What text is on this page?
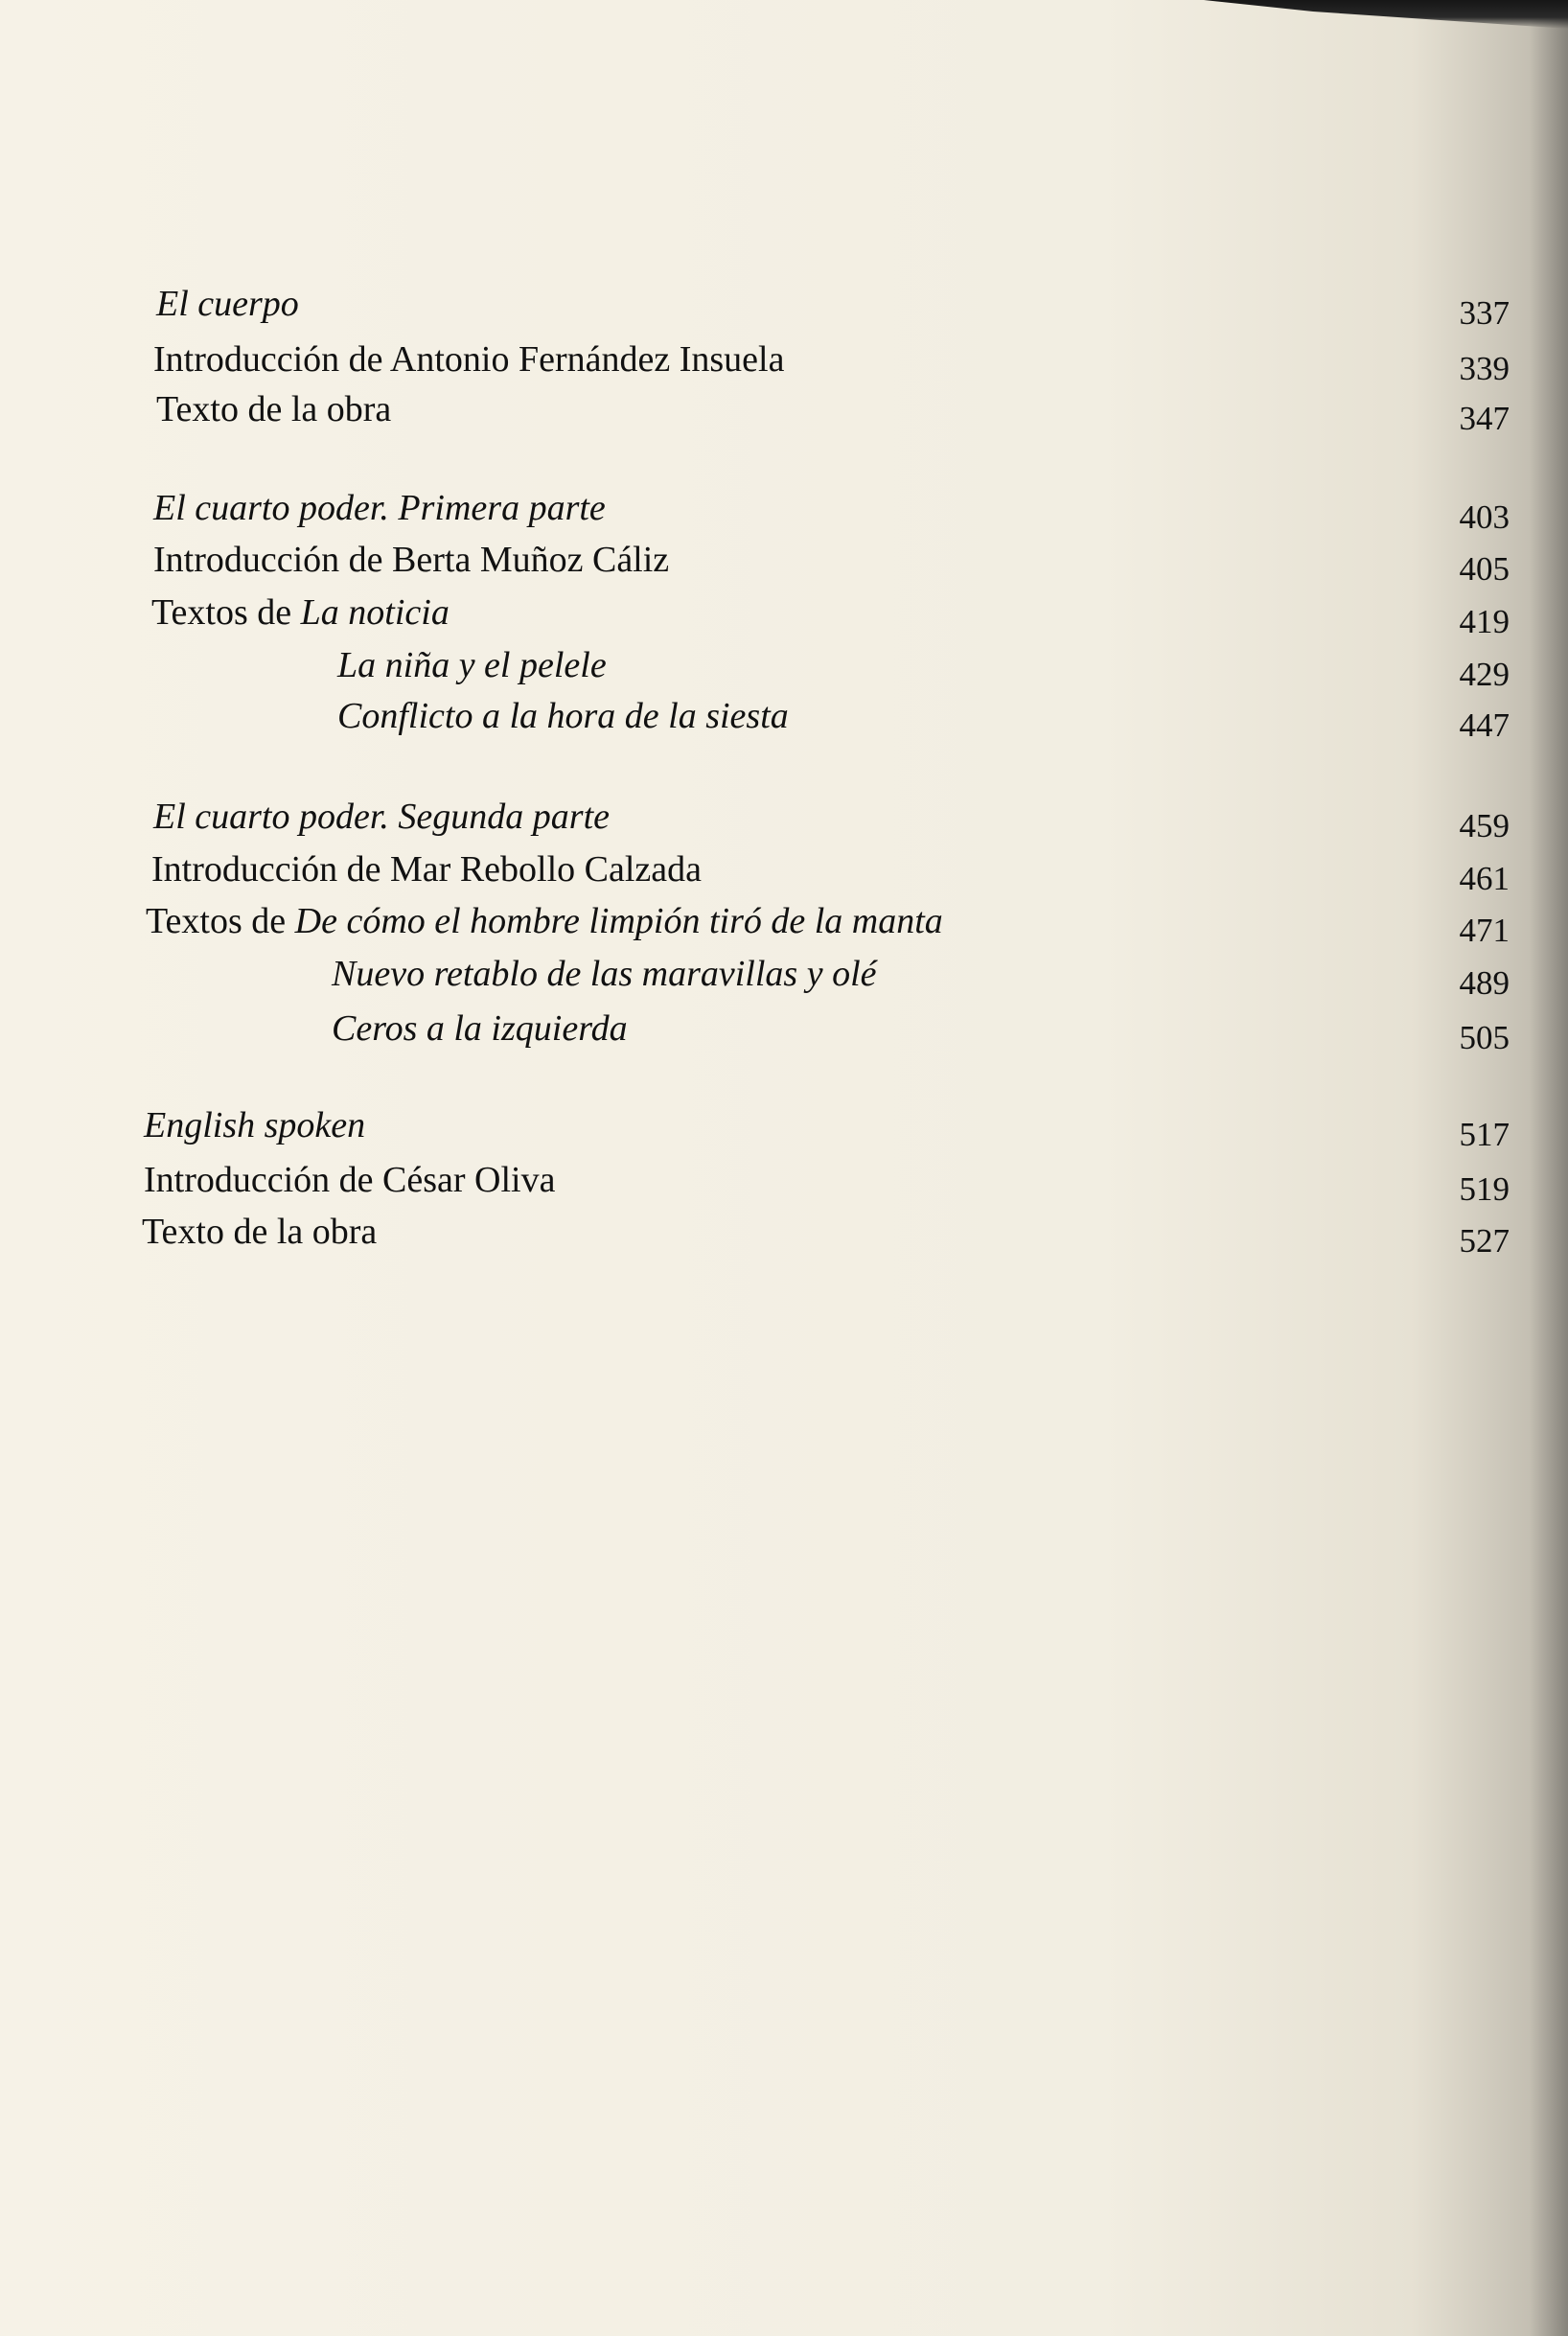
El cuerpo	337
Introducción de Antonio Fernández Insuela	339
Texto de la obra	347
El cuarto poder. Primera parte	403
Introducción de Berta Muñoz Cáliz	405
Textos de La noticia	419
La niña y el pelele	429
Conflicto a la hora de la siesta	447
El cuarto poder. Segunda parte	459
Introducción de Mar Rebollo Calzada	461
Textos de De cómo el hombre limpión tiró de la manta	471
Nuevo retablo de las maravillas y olé	489
Ceros a la izquierda	505
English spoken	517
Introducción de César Oliva	519
Texto de la obra	527
